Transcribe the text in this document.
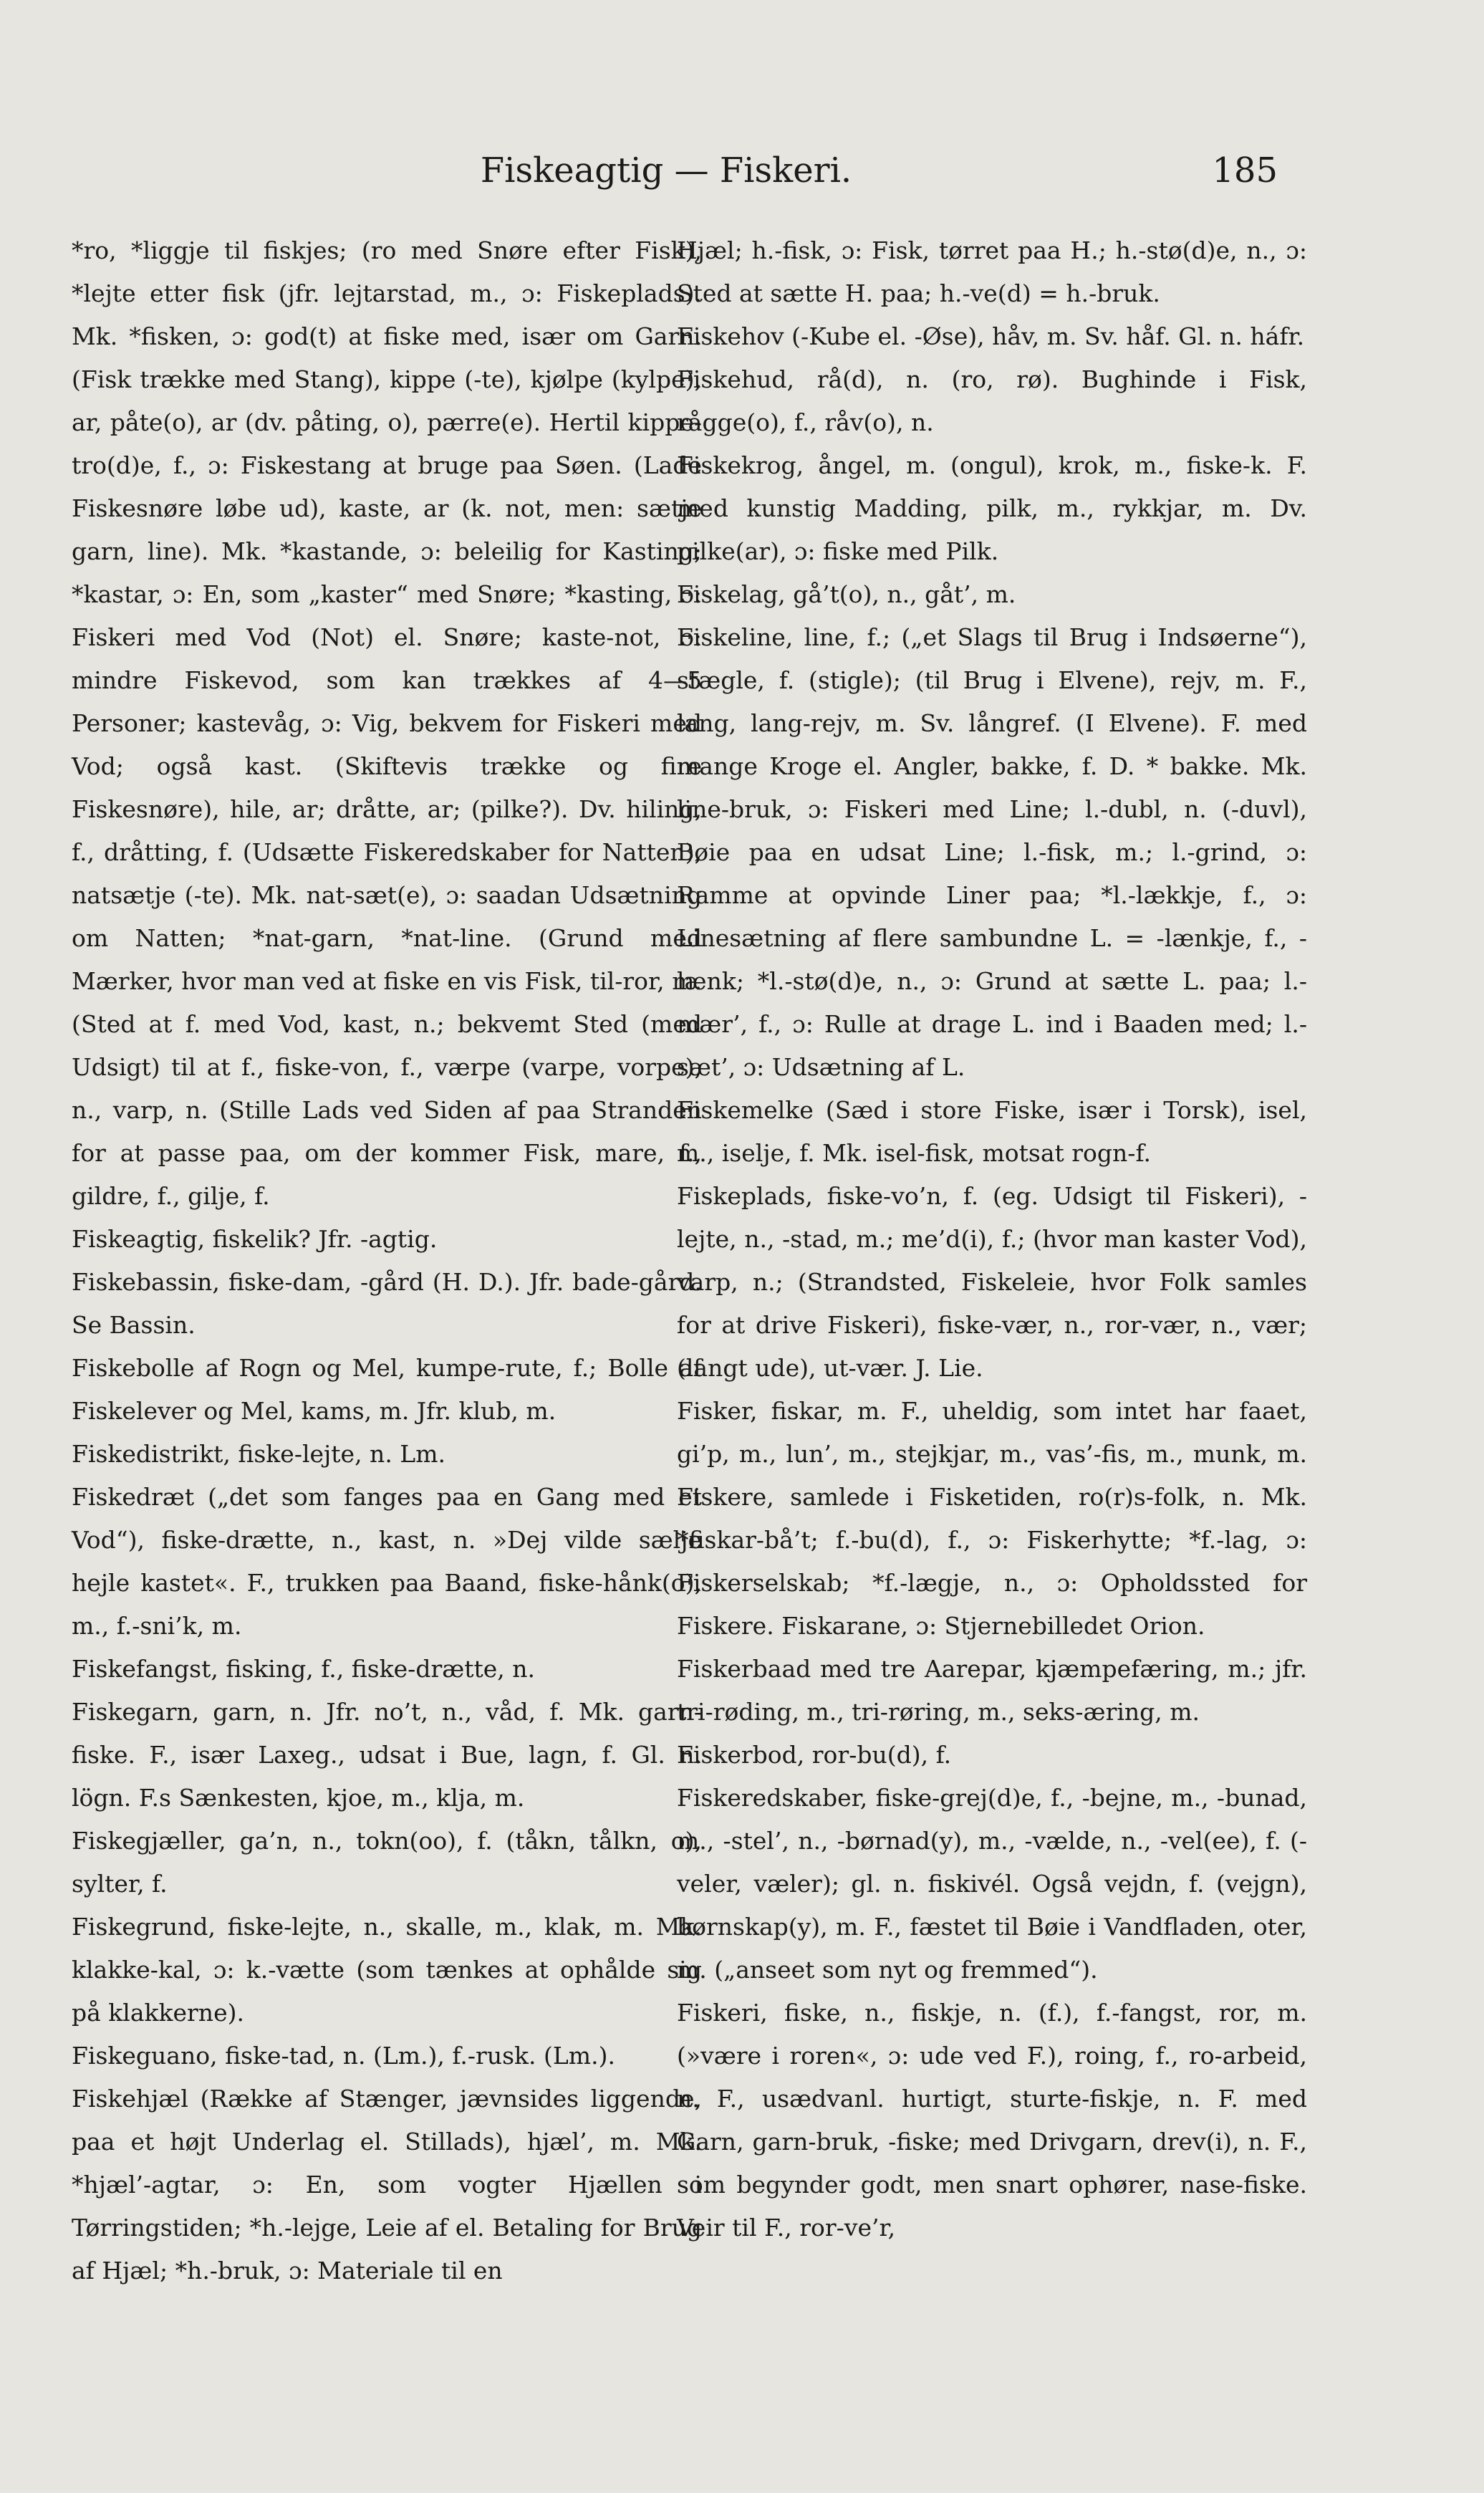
Fiskeagtig — Fiskeri.	185

*ro, *liggje til fiskjes; (ro med Snøre efter Fisk), *lejte etter fisk (jfr. lejtarstad, m., ɔ: Fiskeplads). Mk. *fisken, ɔ: god(t) at fiske med, især om Garn. (Fisk trække med Stang), kippe (-te), kjølpe (kylpe), ar, påte(o), ar (dv. påting, o), pærre(e). Hertil kippe-tro(d)e, f., ɔ: Fiskestang at bruge paa Søen. (Lade Fiskesnøre løbe ud), kaste, ar (k. not, men: sætje garn, line). Mk. *kastande, ɔ: beleilig for Kasting; *kastar, ɔ: En, som „kaster“ med Snøre; *kasting, ɔ: Fiskeri med Vod (Not) el. Snøre; kaste-not, ɔ: mindre Fiskevod, som kan trækkes af 4—5 Personer; kastevåg, ɔ: Vig, bekvem for Fiskeri med Vod; også kast. (Skiftevis trække og fire Fiskesnøre), hile, ar; dråtte, ar; (pilke?). Dv. hiling, f., dråtting, f. (Udsætte Fiskeredskaber for Natten), natsætje (-te). Mk. nat-sæt(e), ɔ: saadan Udsætning om Natten; *nat-garn, *nat-line. (Grund med Mærker, hvor man ved at fiske en vis Fisk, til-ror, m. (Sted at f. med Vod, kast, n.; bekvemt Sted (med Udsigt) til at f., fiske-von, f., værpe (varpe, vorpe), n., varp, n. (Stille Lads ved Siden af paa Stranden for at passe paa, om der kommer Fisk, mare, f., gildre, f., gilje, f.

Fiskeagtig, fiskelik? Jfr. -agtig.

Fiskebassin, fiske-dam, -gård (H. D.). Jfr. bade-gård. Se Bassin.

Fiskebolle af Rogn og Mel, kumpe-rute, f.; Bolle af Fiskelever og Mel, kams, m. Jfr. klub, m.

Fiskedistrikt, fiske-lejte, n. Lm.

Fiskedræt („det som fanges paa en Gang med et Vod“), fiske-drætte, n., kast, n. »Dej vilde sælje hejle kastet«. F., trukken paa Baand, fiske-hånk(o), m., f.-sni’k, m.

Fiskefangst, fisking, f., fiske-drætte, n.

Fiskegarn, garn, n. Jfr. no’t, n., våd, f. Mk. garn-fiske. F., især Laxeg., udsat i Bue, lagn, f. Gl. n. lögn. F.s Sænkesten, kjoe, m., klja, m.

Fiskegjæller, ga’n, n., tokn(oo), f. (tåkn, tålkn, o), sylter, f.

Fiskegrund, fiske-lejte, n., skalle, m., klak, m. Mk. klakke-kal, ɔ: k.-vætte (som tænkes at ophålde sig på klakkerne).

Fiskeguano, fiske-tad, n. (Lm.), f.-rusk. (Lm.).

Fiskehjæl (Række af Stænger, jævnsides liggende, paa et højt Underlag el. Stillads), hjæl’, m. Mk. *hjæl’-agtar, ɔ: En, som vogter Hjællen i Tørringstiden; *h.-lejge, Leie af el. Betaling for Brug af Hjæl; *h.-bruk, ɔ: Materiale til en

Hjæl; h.-fisk, ɔ: Fisk, tørret paa H.; h.-stø(d)e, n., ɔ: Sted at sætte H. paa; h.-ve(d) = h.-bruk.

Fiskehov (-Kube el. -Øse), håv, m. Sv. håf. Gl. n. háfr.

Fiskehud, rå(d), n. (ro, rø). Bughinde i Fisk, rågge(o), f., råv(o), n.

Fiskekrog, ångel, m. (ongul), krok, m., fiske-k. F. med kunstig Madding, pilk, m., rykkjar, m. Dv. pilke(ar), ɔ: fiske med Pilk.

Fiskelag, gå’t(o), n., gåt’, m.

Fiskeline, line, f.; („et Slags til Brug i Indsøerne“), stægle, f. (stigle); (til Brug i Elvene), rejv, m. F., lang, lang-rejv, m. Sv. långref. (I Elvene). F. med mange Kroge el. Angler, bakke, f. D. * bakke. Mk. line-bruk, ɔ: Fiskeri med Line; l.-dubl, n. (-duvl), Bøie paa en udsat Line; l.-fisk, m.; l.-grind, ɔ: Ramme at opvinde Liner paa; *l.-lækkje, f., ɔ: Linesætning af flere sambundne L. = -lænkje, f., -lænk; *l.-stø(d)e, n., ɔ: Grund at sætte L. paa; l.-mær’, f., ɔ: Rulle at drage L. ind i Baaden med; l.-sæt’, ɔ: Udsætning af L.

Fiskemelke (Sæd i store Fiske, især i Torsk), isel, m., iselje, f. Mk. isel-fisk, motsat rogn-f.

Fiskeplads, fiske-vo’n, f. (eg. Udsigt til Fiskeri), -lejte, n., -stad, m.; me’d(i), f.; (hvor man kaster Vod), varp, n.; (Strandsted, Fiskeleie, hvor Folk samles for at drive Fiskeri), fiske-vær, n., ror-vær, n., vær; (langt ude), ut-vær. J. Lie.

Fisker, fiskar, m. F., uheldig, som intet har faaet, gi’p, m., lun’, m., stejkjar, m., vas’-fis, m., munk, m. Fiskere, samlede i Fisketiden, ro(r)s-folk, n. Mk. *fiskar-bå’t; f.-bu(d), f., ɔ: Fiskerhytte; *f.-lag, ɔ: Fiskerselskab; *f.-lægje, n., ɔ: Opholdssted for Fiskere. Fiskarane, ɔ: Stjernebilledet Orion.

Fiskerbaad med tre Aarepar, kjæmpefæring, m.; jfr. tri-røding, m., tri-røring, m., seks-æring, m.

Fiskerbod, ror-bu(d), f.

Fiskeredskaber, fiske-grej(d)e, f., -bejne, m., -bunad, m., -stel’, n., -børnad(y), m., -vælde, n., -vel(ee), f. (-veler, væler); gl. n. fiskivél. Også vejdn, f. (vejgn), børnskap(y), m. F., fæstet til Bøie i Vandfladen, oter, m. („anseet som nyt og fremmed“).

Fiskeri, fiske, n., fiskje, n. (f.), f.-fangst, ror, m. (»være i roren«, ɔ: ude ved F.), roing, f., ro-arbeid, n. F., usædvanl. hurtigt, sturte-fiskje, n. F. med Garn, garn-bruk, -fiske; med Drivgarn, drev(i), n. F., som begynder godt, men snart ophører, nase-fiske. Veir til F., ror-ve’r,
